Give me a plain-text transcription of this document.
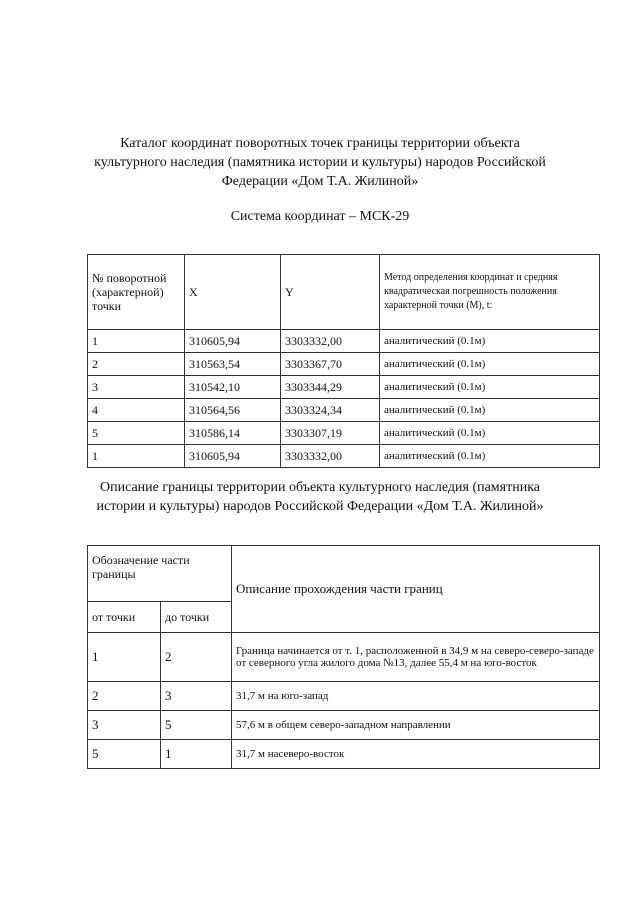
Каталог координат поворотных точек границы территории объекта
культурного наследия (памятника истории и культуры) народов Российской
Федерации «Дом Т.А. Жилиной»
Система координат – МСК-29
№ поворотной (характерной) точки	X	Y	Метод определения координат и средняя квадратическая погрешность положения характерной точки (M), t:
1	310605,94	3303332,00	аналитический (0.1м)
2	310563,54	3303367,70	аналитический (0.1м)
3	310542,10	3303344,29	аналитический (0.1м)
4	310564,56	3303324,34	аналитический (0.1м)
5	310586,14	3303307,19	аналитический (0.1м)
1	310605,94	3303332,00	аналитический (0.1м)
Описание границы территории объекта культурного наследия (памятника
истории и культуры) народов Российской Федерации «Дом Т.А. Жилиной»
Обозначение части границы		Описание прохождения части границ
от точки	до точки	
1	2	Граница начинается от т. 1, расположенной в 34,9 м на северо-северо-западе от северного угла жилого дома №13, далее 55,4 м на юго-восток
2	3	31,7 м на юго-запад
3	5	57,6 м в общем северо-западном направлении
5	1	31,7 м насеверо-восток
